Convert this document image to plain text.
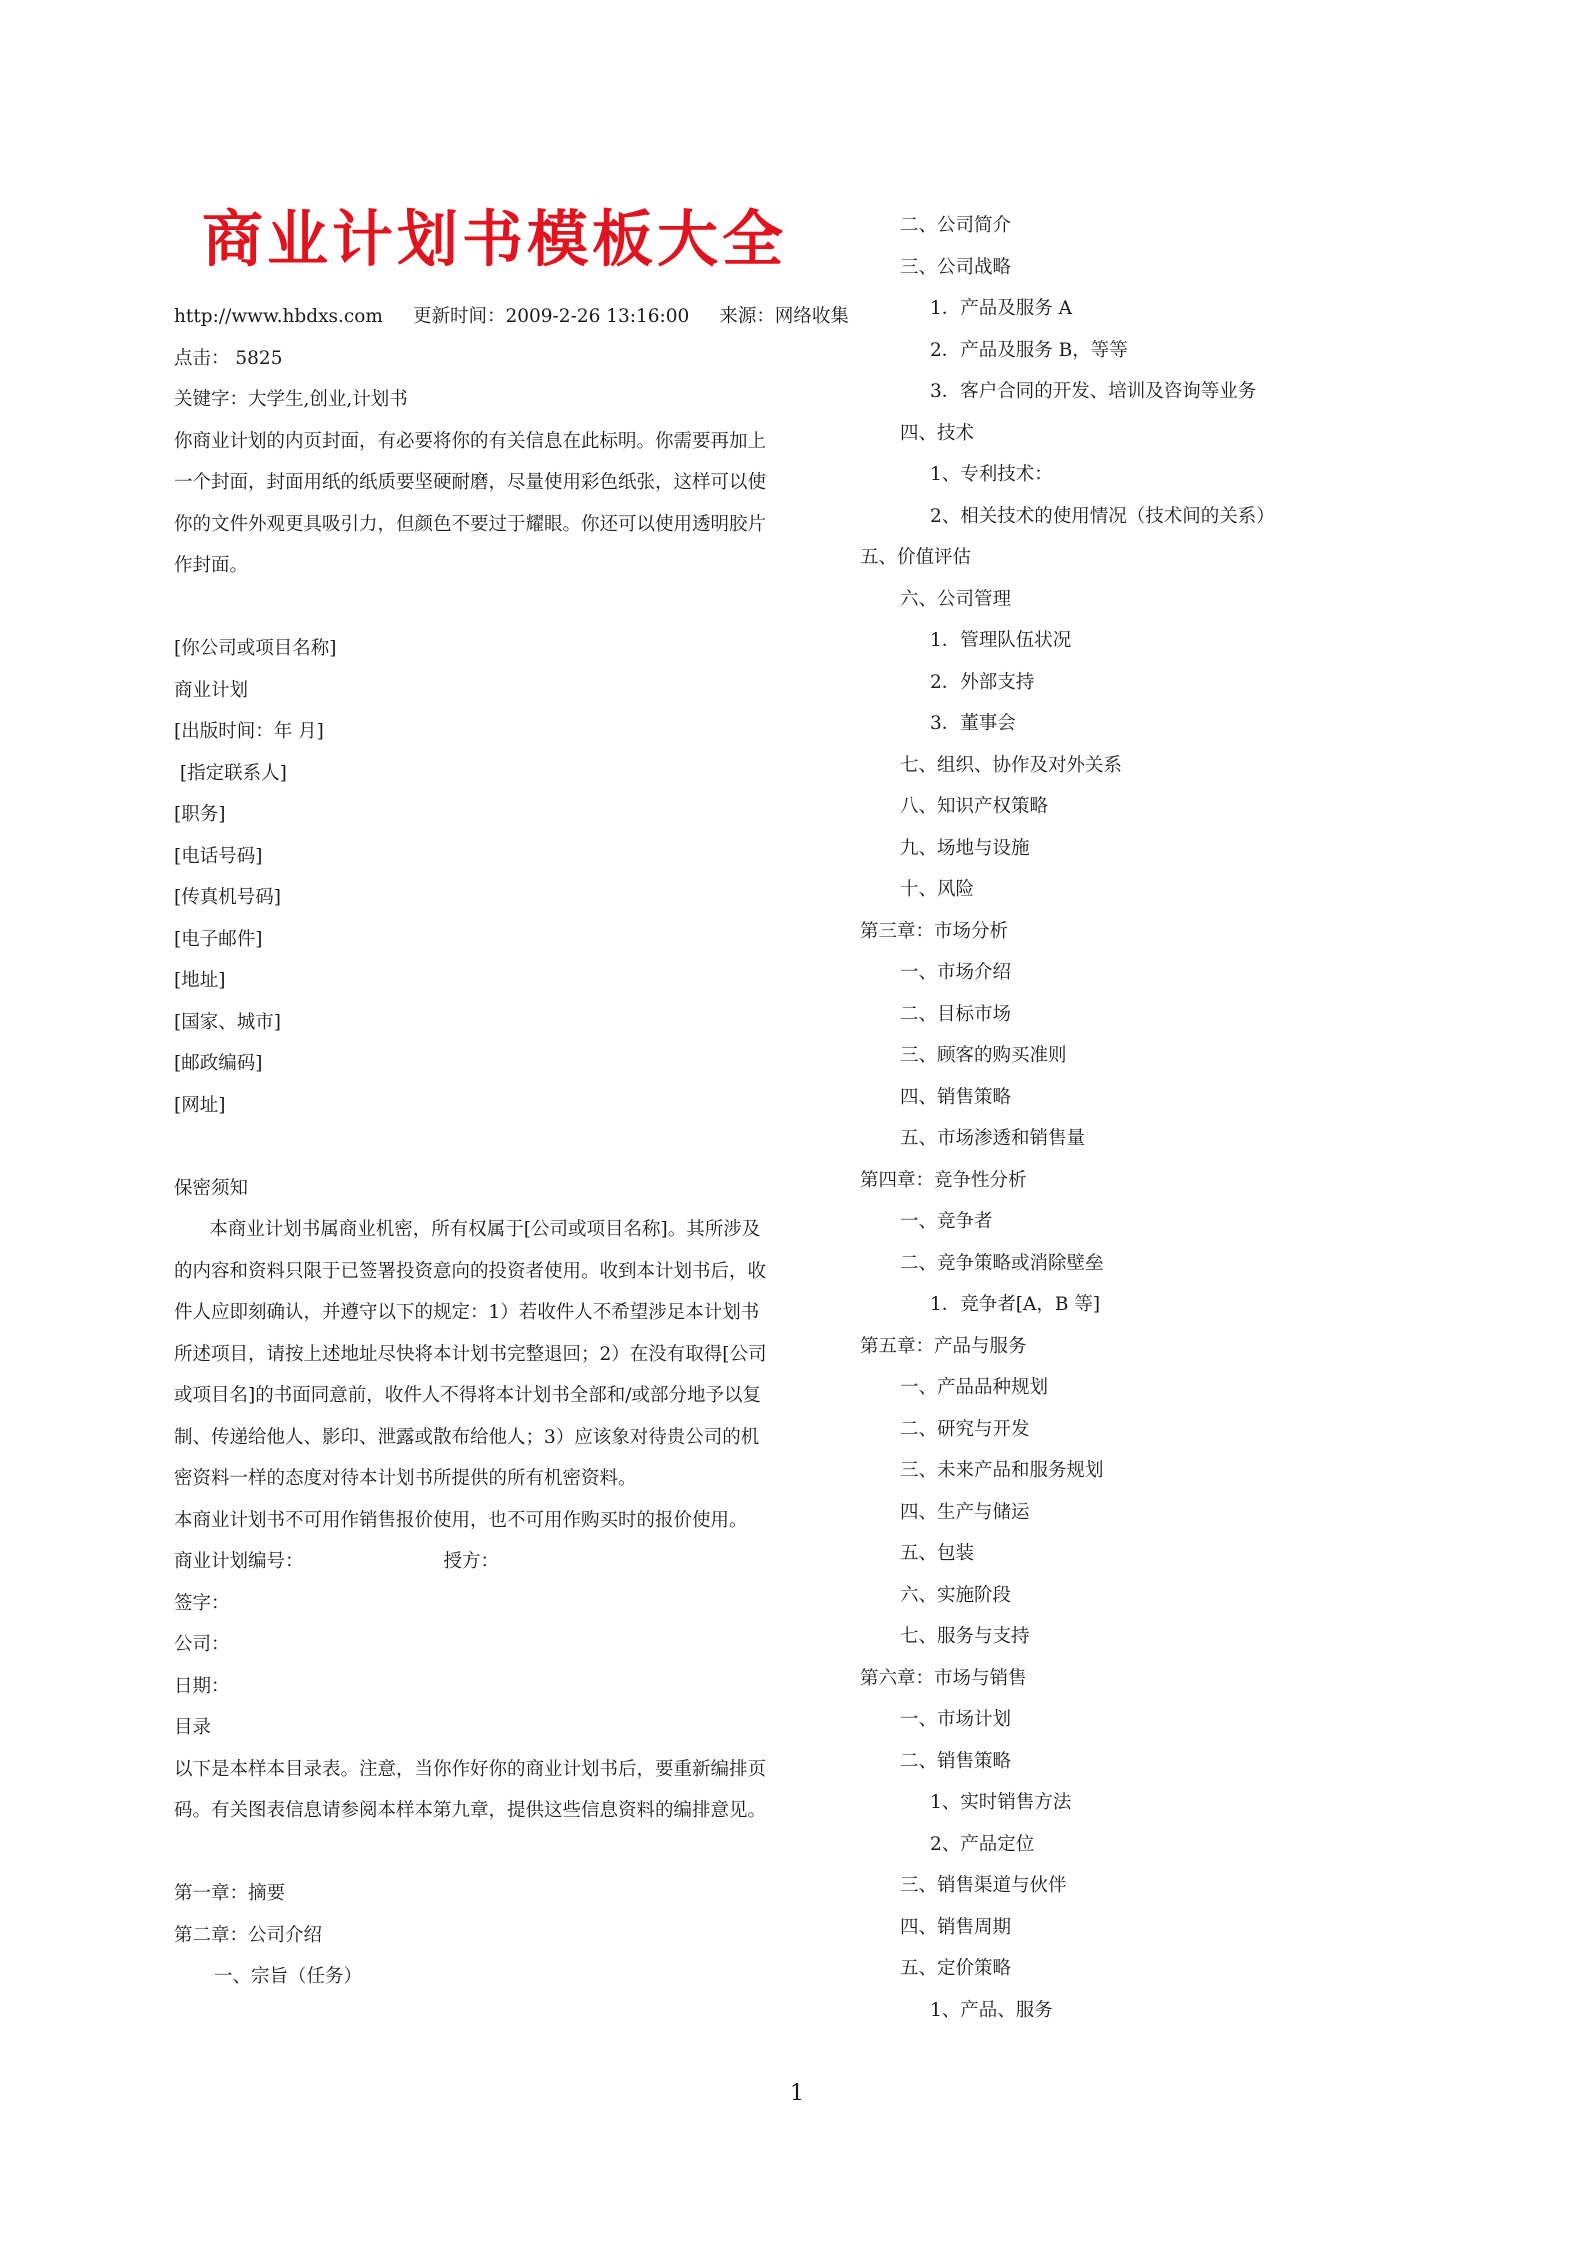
商业计划书模板大全
http://www.hbdxs.com 更新时间：2009-2-26 13:16:00 来源：网络收集
点击： 5825
关键字：大学生,创业,计划书
你商业计划的内页封面，有必要将你的有关信息在此标明。你需要再加上
一个封面，封面用纸的纸质要坚硬耐磨，尽量使用彩色纸张，这样可以使
你的文件外观更具吸引力，但颜色不要过于耀眼。你还可以使用透明胶片
作封面。
[你公司或项目名称]
商业计划
[出版时间：年 月]
[指定联系人]
[职务]
[电话号码]
[传真机号码]
[电子邮件]
[地址]
[国家、城市]
[邮政编码]
[网址]
保密须知
本商业计划书属商业机密，所有权属于[公司或项目名称]。其所涉及
的内容和资料只限于已签署投资意向的投资者使用。收到本计划书后，收
件人应即刻确认，并遵守以下的规定：1）若收件人不希望涉足本计划书
所述项目，请按上述地址尽快将本计划书完整退回；2）在没有取得[公司
或项目名]的书面同意前，收件人不得将本计划书全部和/或部分地予以复
制、传递给他人、影印、泄露或散布给他人；3）应该象对待贵公司的机
密资料一样的态度对待本计划书所提供的所有机密资料。
本商业计划书不可用作销售报价使用，也不可用作购买时的报价使用。
商业计划编号：	授方：
签字：
公司：
日期：
目录
以下是本样本目录表。注意，当你作好你的商业计划书后，要重新编排页
码。有关图表信息请参阅本样本第九章，提供这些信息资料的编排意见。
第一章：摘要
第二章：公司介绍
一、宗旨（任务）
二、公司简介
三、公司战略
1．产品及服务 A
2．产品及服务 B，等等
3．客户合同的开发、培训及咨询等业务
四、技术
1、专利技术：
2、相关技术的使用情况（技术间的关系）
五、价值评估
六、公司管理
1．管理队伍状况
2．外部支持
3．董事会
七、组织、协作及对外关系
八、知识产权策略
九、场地与设施
十、风险
第三章：市场分析
一、市场介绍
二、目标市场
三、顾客的购买准则
四、销售策略
五、市场渗透和销售量
第四章：竞争性分析
一、竞争者
二、竞争策略或消除壁垒
1．竞争者[A，B 等]
第五章：产品与服务
一、产品品种规划
二、研究与开发
三、未来产品和服务规划
四、生产与储运
五、包装
六、实施阶段
七、服务与支持
第六章：市场与销售
一、市场计划
二、销售策略
1、实时销售方法
2、产品定位
三、销售渠道与伙伴
四、销售周期
五、定价策略
1、产品、服务
1
